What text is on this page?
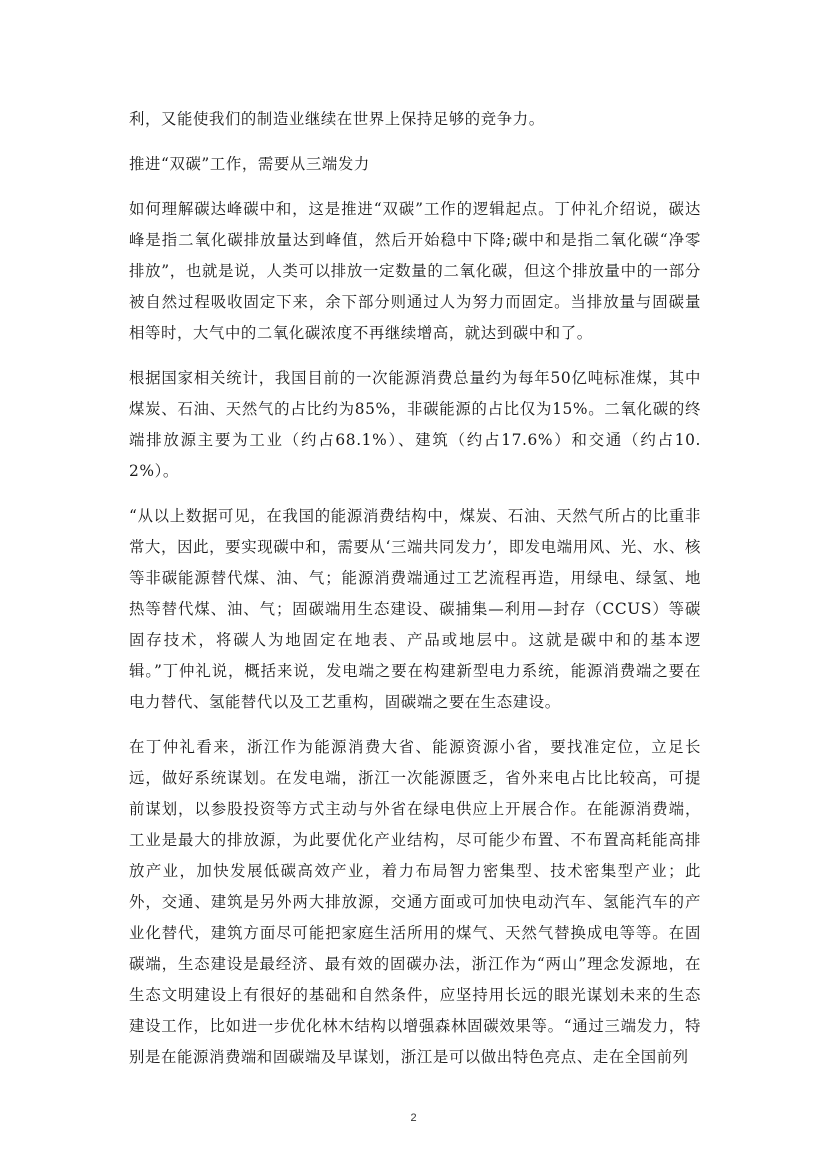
利，又能使我们的制造业继续在世界上保持足够的竞争力。

推进“双碳”工作，需要从三端发力

如何理解碳达峰碳中和，这是推进“双碳”工作的逻辑起点。丁仲礼介绍说，碳达峰是指二氧化碳排放量达到峰值，然后开始稳中下降;碳中和是指二氧化碳“净零排放”，也就是说，人类可以排放一定数量的二氧化碳，但这个排放量中的一部分被自然过程吸收固定下来，余下部分则通过人为努力而固定。当排放量与固碳量相等时，大气中的二氧化碳浓度不再继续增高，就达到碳中和了。

根据国家相关统计，我国目前的一次能源消费总量约为每年50亿吨标准煤，其中煤炭、石油、天然气的占比约为85%，非碳能源的占比仅为15%。二氧化碳的终端排放源主要为工业（约占68.1%）、建筑（约占17.6%）和交通（约占10.2%）。

“从以上数据可见，在我国的能源消费结构中，煤炭、石油、天然气所占的比重非常大，因此，要实现碳中和，需要从‘三端共同发力’，即发电端用风、光、水、核等非碳能源替代煤、油、气；能源消费端通过工艺流程再造，用绿电、绿氢、地热等替代煤、油、气；固碳端用生态建设、碳捕集—利用—封存（CCUS）等碳固存技术，将碳人为地固定在地表、产品或地层中。这就是碳中和的基本逻辑。”丁仲礼说，概括来说，发电端之要在构建新型电力系统，能源消费端之要在电力替代、氢能替代以及工艺重构，固碳端之要在生态建设。

在丁仲礼看来，浙江作为能源消费大省、能源资源小省，要找准定位，立足长远，做好系统谋划。在发电端，浙江一次能源匮乏，省外来电占比比较高，可提前谋划，以参股投资等方式主动与外省在绿电供应上开展合作。在能源消费端，工业是最大的排放源，为此要优化产业结构，尽可能少布置、不布置高耗能高排放产业，加快发展低碳高效产业，着力布局智力密集型、技术密集型产业；此外，交通、建筑是另外两大排放源，交通方面或可加快电动汽车、氢能汽车的产业化替代，建筑方面尽可能把家庭生活所用的煤气、天然气替换成电等等。在固碳端，生态建设是最经济、最有效的固碳办法，浙江作为“两山”理念发源地，在生态文明建设上有很好的基础和自然条件，应坚持用长远的眼光谋划未来的生态建设工作，比如进一步优化林木结构以增强森林固碳效果等。“通过三端发力，特别是在能源消费端和固碳端及早谋划，浙江是可以做出特色亮点、走在全国前列

2
